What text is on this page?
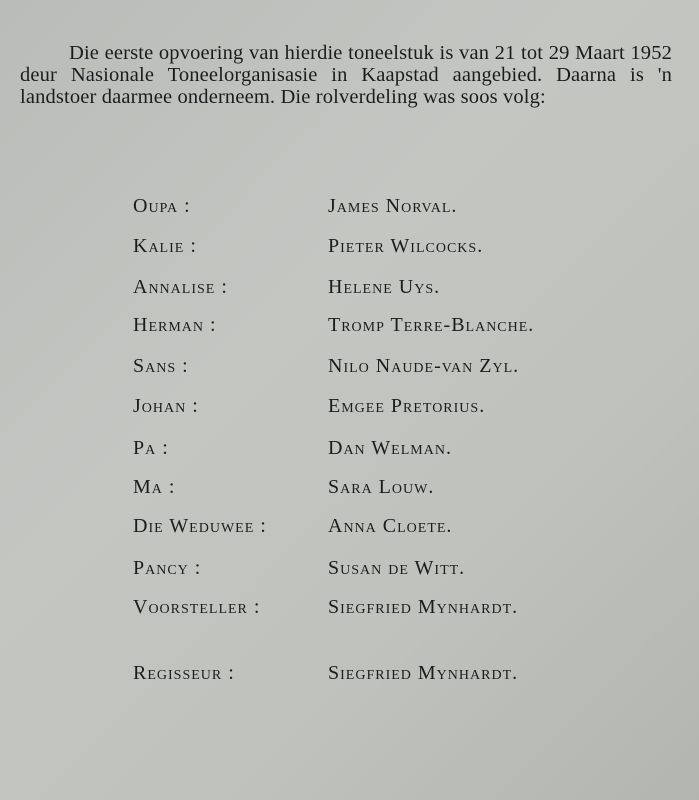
Die eerste opvoering van hierdie toneelstuk is van 21 tot 29 Maart 1952 deur Nasionale Toneelorganisasie in Kaapstad aangebied. Daarna is 'n landstoer daarmee onderneem. Die rolverdeling was soos volg:

Oupa :	James Norval.
Kalie :	Pieter Wilcocks.
Annalise :	Helene Uys.
Herman :	Tromp Terre-Blanche.
Sans :	Nilo Naude-van Zyl.
Johan :	Emgee Pretorius.
Pa :	Dan Welman.
Ma :	Sara Louw.
Die Weduwee :	Anna Cloete.
Pancy :	Susan de Witt.
Voorsteller :	Siegfried Mynhardt.
Regisseur :	Siegfried Mynhardt.
